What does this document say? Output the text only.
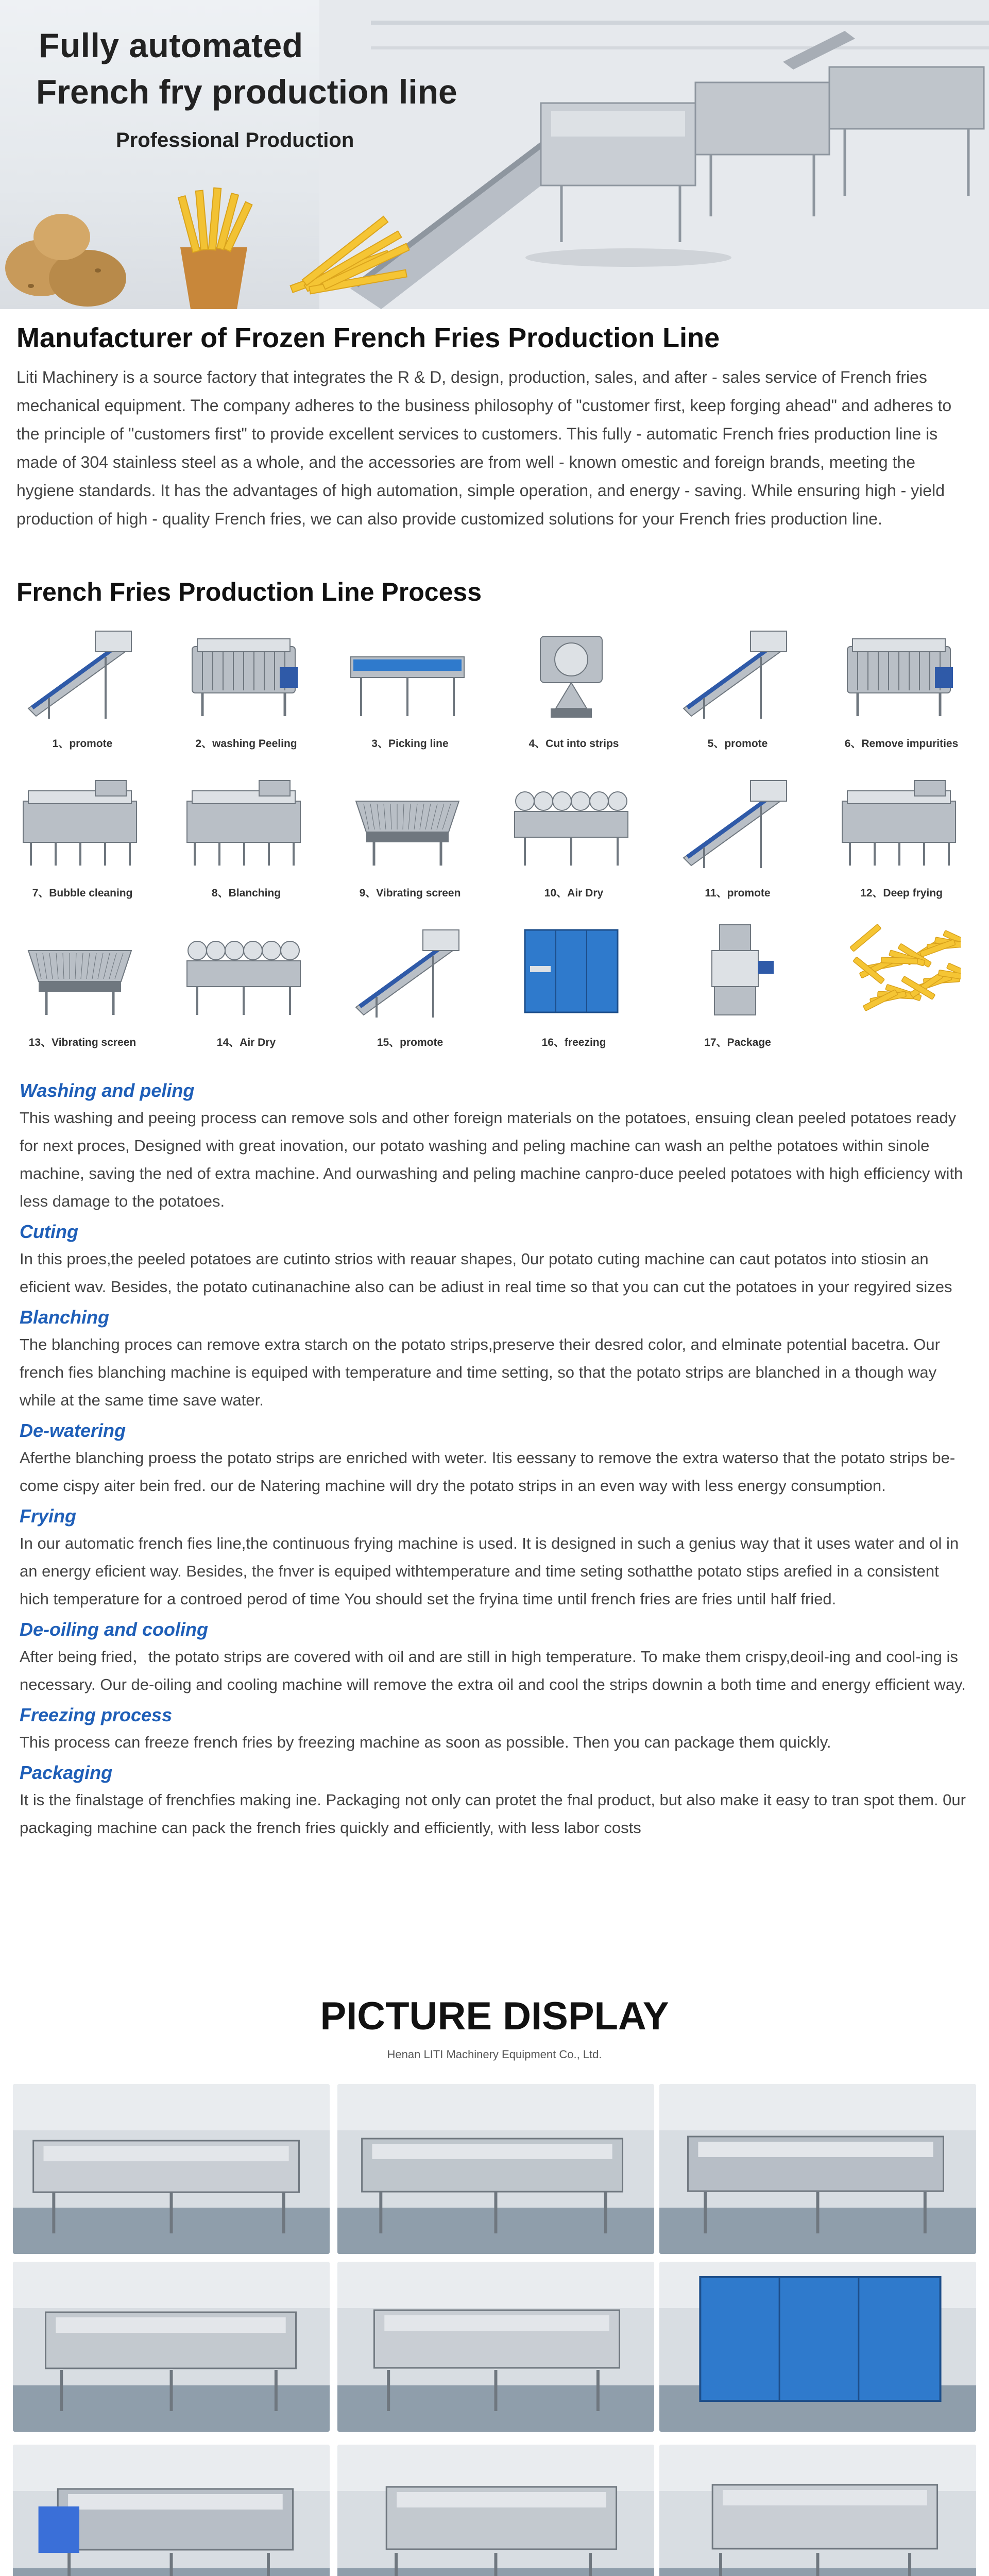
Fully automated
French fry production line
Professional Production
Manufacturer of Frozen French Fries Production Line
Liti Machinery is a source factory that integrates the R & D, design, production, sales, and after - sales service of French fries mechanical equipment. The company adheres to the business philosophy of "customer first, keep forging ahead" and adheres to the principle of "customers first" to provide excellent services to customers. This fully - automatic French fries production line is made of 304 stainless steel as a whole, and the accessories are from well - known omestic and foreign brands, meeting the hygiene standards. It has the advantages of high automation, simple operation, and energy - saving. While ensuring high - yield production of high - quality French fries, we can also provide customized solutions for your French fries production line.
French Fries Production Line Process
1、promote	2、washing Peeling	3、Picking line	4、Cut into strips	5、promote	6、Remove impurities
7、Bubble cleaning	8、Blanching	9、Vibrating screen	10、Air Dry	11、promote	12、Deep frying
13、Vibrating screen	14、Air Dry	15、promote	16、freezing	17、Package
Washing and peling
This washing and peeing process can remove sols and other foreign materials on the potatoes, ensuing clean peeled potatoes ready for next proces, Designed with great inovation, our potato washing and peling machine can wash an pelthe potatoes within sinole machine, saving the ned of extra machine. And ourwashing and peling machine canpro-duce peeled potatoes with high efficiency with less damage to the potatoes.
Cuting
In this proes,the peeled potatoes are cutinto strios with reauar shapes, 0ur potato cuting machine can caut potatos into stiosin an eficient wav. Besides, the potato cutinanachine also can be adiust in real time so that you can cut the potatoes in your regyired sizes
Blanching
The blanching proces can remove extra starch on the potato strips,preserve their desred color, and elminate potential bacetra. Our french fies blanching machine is equiped with temperature and time setting, so that the potato strips are blanched in a though way while at the same time save water.
De-watering
Aferthe blanching proess the potato strips are enriched with weter. Itis eessany to remove the extra waterso that the potato strips be-come cispy aiter bein fred. our de Natering machine will dry the potato strips in an even way with less energy consumption.
Frying
In our automatic french fies line,the continuous frying machine is used. It is designed in such a genius way that it uses water and ol in an energy eficient way. Besides, the fnver is equiped withtemperature and time seting sothatthe potato stips arefied in a consistent hich temperature for a controed perod of time You should set the fryina time until french fries are fries until half fried.
De-oiling and cooling
After being fried，the potato strips are covered with oil and are still in high temperature. To make them crispy,deoil-ing and cool-ing is necessary. Our de-oiling and cooling machine will remove the extra oil and cool the strips downin a both time and energy efficient way.
Freezing process
This process can freeze french fries by freezing machine as soon as possible. Then you can package them quickly.
Packaging
It is the finalstage of frenchfies making ine. Packaging not only can protet the fnal product, but also make it easy to tran spot them. 0ur packaging machine can pack the french fries quickly and efficiently, with less labor costs
PICTURE DISPLAY
Henan LITI Machinery Equipment Co., Ltd.
